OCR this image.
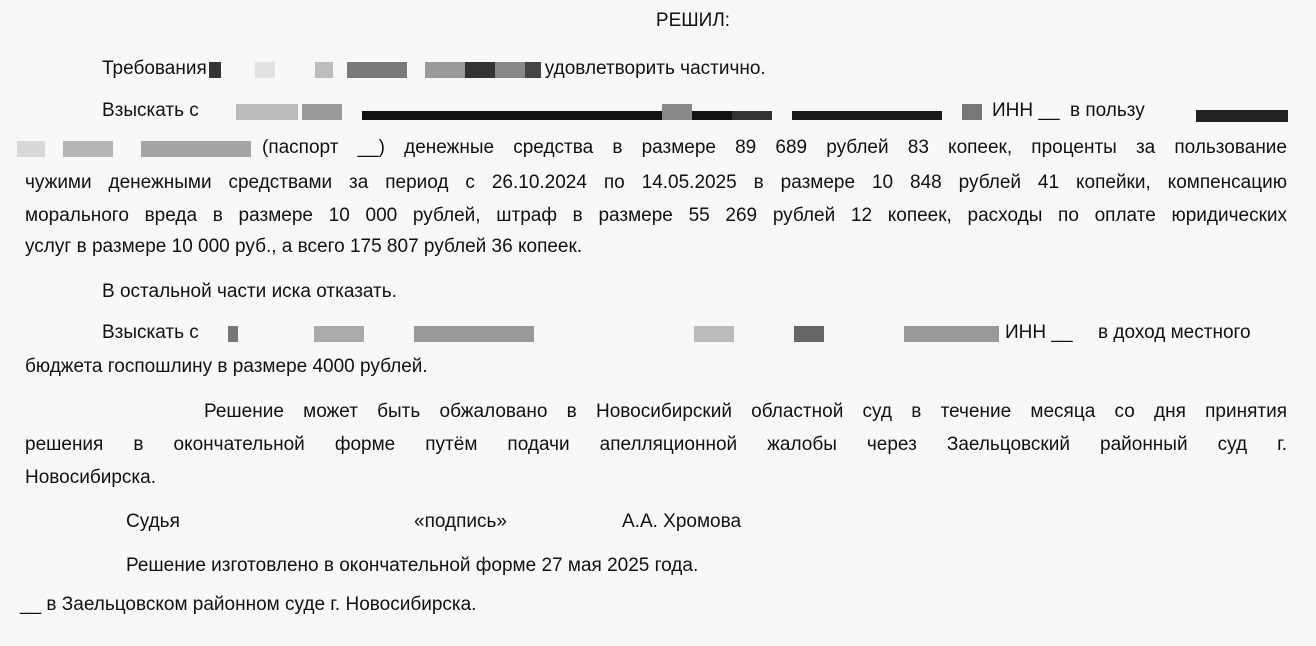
РЕШИЛ:
Требования	удовлетворить частично.
Взыскать с	ИНН __ в пользу
(паспорт __) денежные средства в размере 89 689 рублей 83 копеек, проценты за пользование
чужими денежными средствами за период с 26.10.2024 по 14.05.2025 в размере 10 848 рублей 41 копейки, компенсацию
морального вреда в размере 10 000 рублей, штраф в размере 55 269 рублей 12 копеек, расходы по оплате юридических
услуг в размере 10 000 руб., а всего 175 807 рублей 36 копеек.
В остальной части иска отказать.
Взыскать с	ИНН __ в доход местного
бюджета госпошлину в размере 4000 рублей.
Решение может быть обжаловано в Новосибирский областной суд в течение месяца со дня принятия
решения в окончательной форме путём подачи апелляционной жалобы через Заельцовский районный суд г.
Новосибирска.
Судья	«подпись»	А.А. Хромова
Решение изготовлено в окончательной форме 27 мая 2025 года.
__ в Заельцовском районном суде г. Новосибирска.
